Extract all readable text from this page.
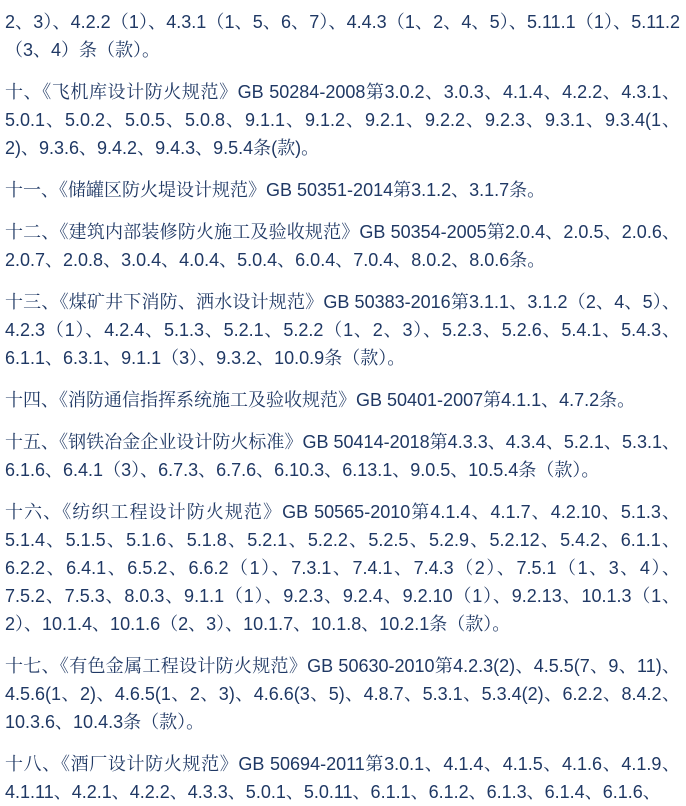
2、3）、4.2.2（1）、4.3.1（1、5、6、7）、4.4.3（1、2、4、5）、5.11.1（1）、5.11.2（3、4）条（款）。

十、《飞机库设计防火规范》GB 50284-2008第3.0.2、3.0.3、4.1.4、4.2.2、4.3.1、5.0.1、5.0.2、5.0.5、5.0.8、9.1.1、9.1.2、9.2.1、9.2.2、9.2.3、9.3.1、9.3.4(1、2)、9.3.6、9.4.2、9.4.3、9.5.4条(款)。

十一、《储罐区防火堤设计规范》GB 50351-2014第3.1.2、3.1.7条。

十二、《建筑内部装修防火施工及验收规范》GB 50354-2005第2.0.4、2.0.5、2.0.6、2.0.7、2.0.8、3.0.4、4.0.4、5.0.4、6.0.4、7.0.4、8.0.2、8.0.6条。

十三、《煤矿井下消防、洒水设计规范》GB 50383-2016第3.1.1、3.1.2（2、4、5）、4.2.3（1）、4.2.4、5.1.3、5.2.1、5.2.2（1、2、3）、5.2.3、5.2.6、5.4.1、5.4.3、6.1.1、6.3.1、9.1.1（3）、9.3.2、10.0.9条（款）。

十四、《消防通信指挥系统施工及验收规范》GB 50401-2007第4.1.1、4.7.2条。

十五、《钢铁冶金企业设计防火标准》GB 50414-2018第4.3.3、4.3.4、5.2.1、5.3.1、6.1.6、6.4.1（3）、6.7.3、6.7.6、6.10.3、6.13.1、9.0.5、10.5.4条（款）。

十六、《纺织工程设计防火规范》GB 50565-2010第4.1.4、4.1.7、4.2.10、5.1.3、5.1.4、5.1.5、5.1.6、5.1.8、5.2.1、5.2.2、5.2.5、5.2.9、5.2.12、5.4.2、6.1.1、6.2.2、6.4.1、6.5.2、6.6.2（1）、7.3.1、7.4.1、7.4.3（2）、7.5.1（1、3、4）、7.5.2、7.5.3、8.0.3、9.1.1（1）、9.2.3、9.2.4、9.2.10（1）、9.2.13、10.1.3（1、2）、10.1.4、10.1.6（2、3）、10.1.7、10.1.8、10.2.1条（款）。

十七、《有色金属工程设计防火规范》GB 50630-2010第4.2.3(2)、4.5.5(7、9、11)、4.5.6(1、2)、4.6.5(1、2、3)、4.6.6(3、5)、4.8.7、5.3.1、5.3.4(2)、6.2.2、8.4.2、10.3.6、10.4.3条（款）。

十八、《酒厂设计防火规范》GB 50694-2011第3.0.1、4.1.4、4.1.5、4.1.6、4.1.9、4.1.11、4.2.1、4.2.2、4.3.3、5.0.1、5.0.11、6.1.1、6.1.2、6.1.3、6.1.4、6.1.6、
